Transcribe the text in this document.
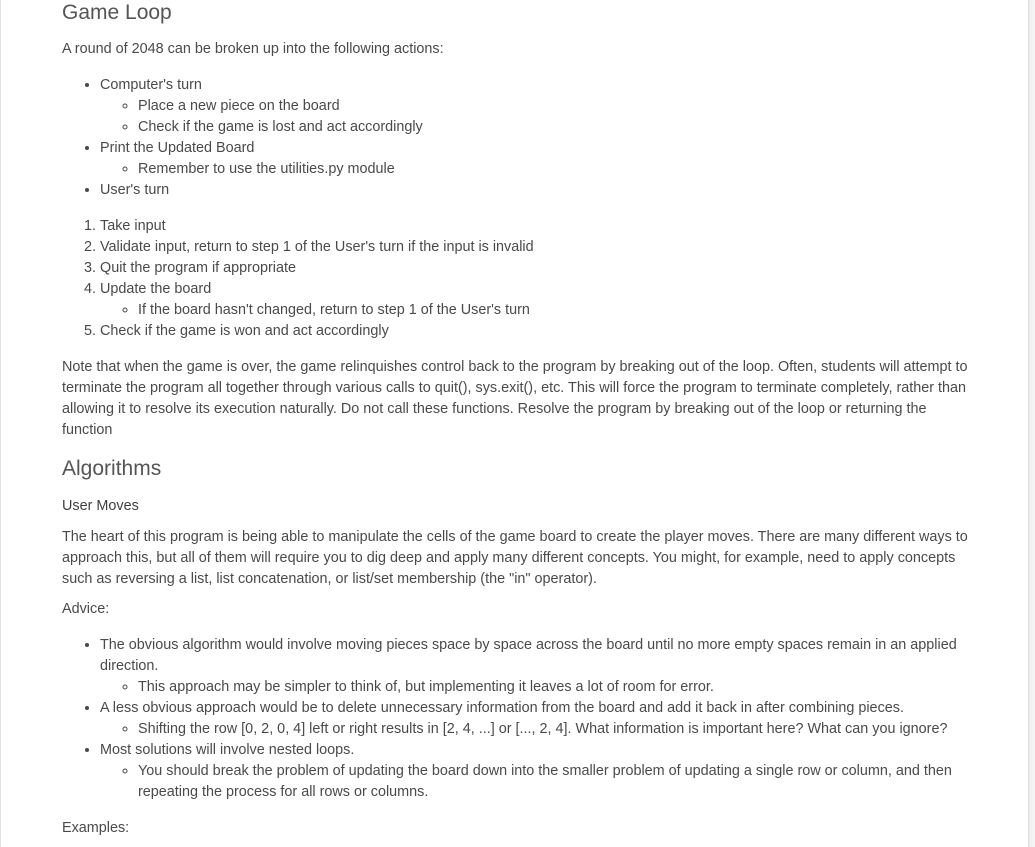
Game Loop

A round of 2048 can be broken up into the following actions:

• Computer's turn
◦ Place a new piece on the board
◦ Check if the game is lost and act accordingly
• Print the Updated Board
◦ Remember to use the utilities.py module
• User's turn
1. Take input
2. Validate input, return to step 1 of the User's turn if the input is invalid
3. Quit the program if appropriate
4. Update the board
◦ If the board hasn't changed, return to step 1 of the User's turn
5. Check if the game is won and act accordingly

Note that when the game is over, the game relinquishes control back to the program by breaking out of the loop. Often, students will attempt to terminate the program all together through various calls to quit(), sys.exit(), etc. This will force the program to terminate completely, rather than allowing it to resolve its execution naturally. Do not call these functions. Resolve the program by breaking out of the loop or returning the function

Algorithms
User Moves

The heart of this program is being able to manipulate the cells of the game board to create the player moves. There are many different ways to approach this, but all of them will require you to dig deep and apply many different concepts. You might, for example, need to apply concepts such as reversing a list, list concatenation, or list/set membership (the "in" operator).

Advice:

• The obvious algorithm would involve moving pieces space by space across the board until no more empty spaces remain in an applied direction.
◦ This approach may be simpler to think of, but implementing it leaves a lot of room for error.
• A less obvious approach would be to delete unnecessary information from the board and add it back in after combining pieces.
◦ Shifting the row [0, 2, 0, 4] left or right results in [2, 4, ...] or [..., 2, 4]. What information is important here? What can you ignore?
• Most solutions will involve nested loops.
◦ You should break the problem of updating the board down into the smaller problem of updating a single row or column, and then repeating the process for all rows or columns.

Examples:
